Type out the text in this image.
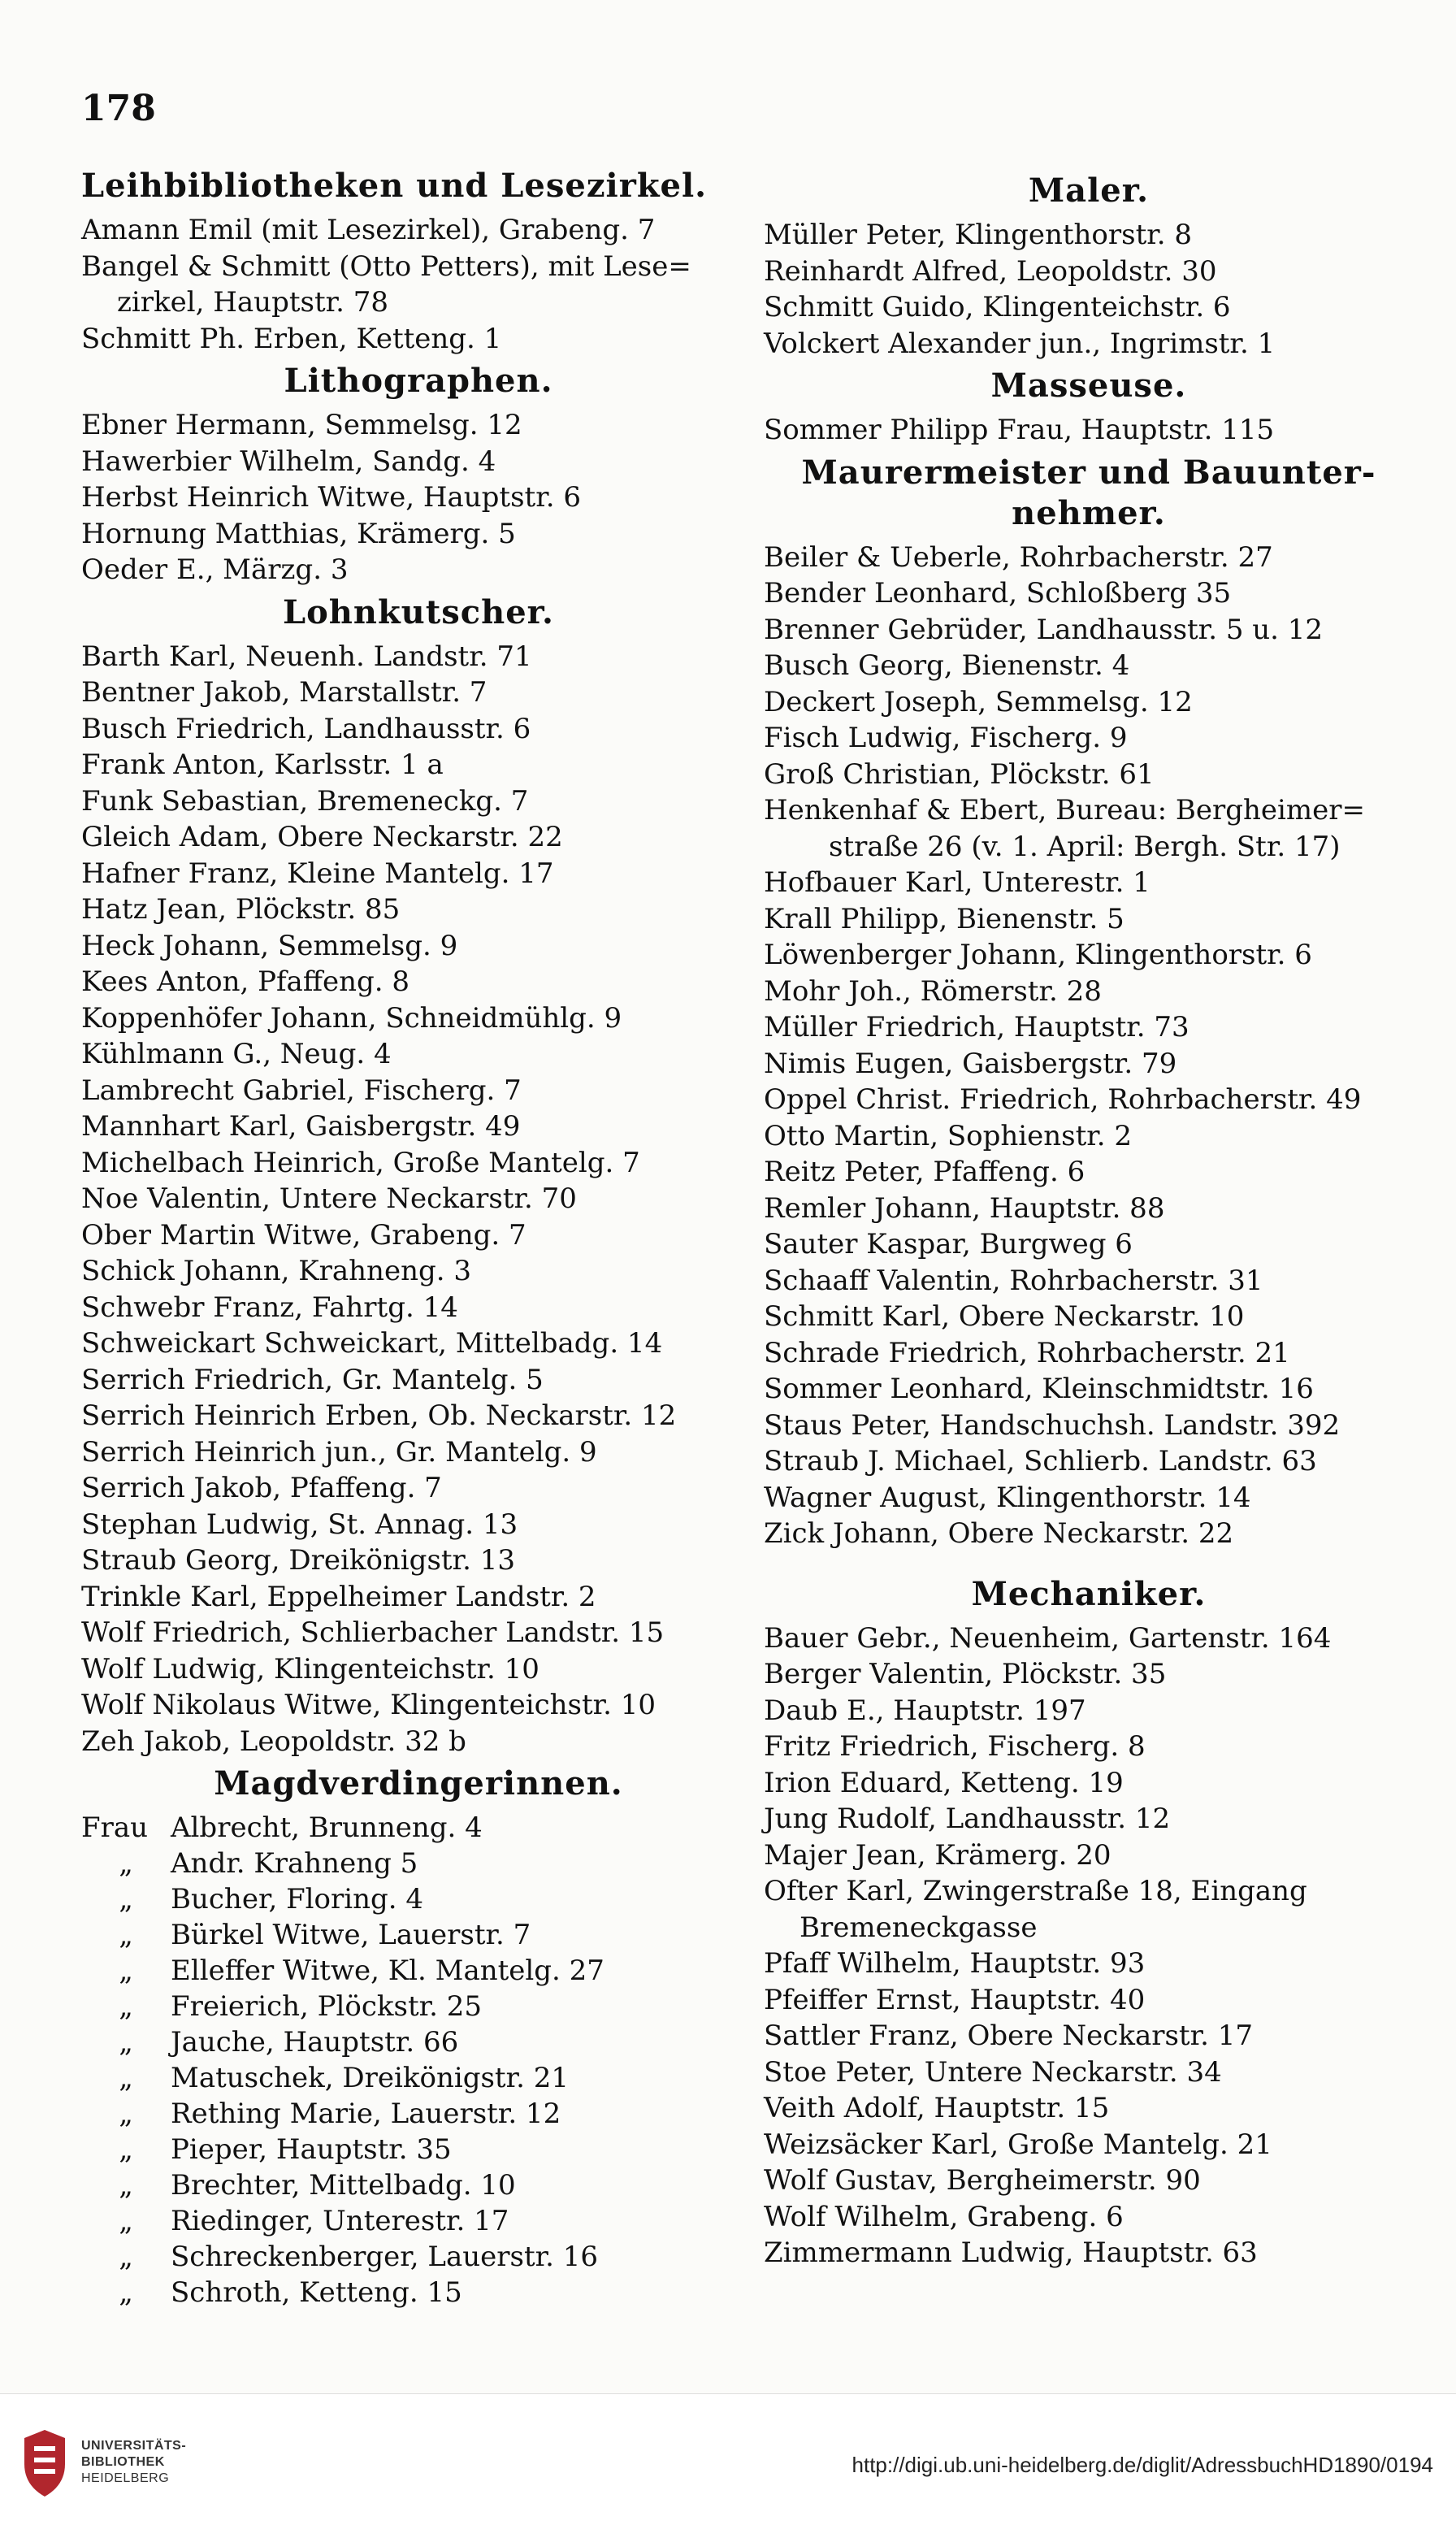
178
Leihbibliotheken und Lesezirkel.
Amann Emil (mit Lesezirkel), Grabeng. 7
Bangel & Schmitt (Otto Petters), mit Lese=
zirkel, Hauptstr. 78
Schmitt Ph. Erben, Ketteng. 1
Lithographen.
Ebner Hermann, Semmelsg. 12
Hawerbier Wilhelm, Sandg. 4
Herbst Heinrich Witwe, Hauptstr. 6
Hornung Matthias, Krämerg. 5
Oeder E., Märzg. 3
Lohnkutscher.
Barth Karl, Neuenh. Landstr. 71
Bentner Jakob, Marstallstr. 7
Busch Friedrich, Landhausstr. 6
Frank Anton, Karlsstr. 1 a
Funk Sebastian, Bremeneckg. 7
Gleich Adam, Obere Neckarstr. 22
Hafner Franz, Kleine Mantelg. 17
Hatz Jean, Plöckstr. 85
Heck Johann, Semmelsg. 9
Kees Anton, Pfaffeng. 8
Koppenhöfer Johann, Schneidmühlg. 9
Kühlmann G., Neug. 4
Lambrecht Gabriel, Fischerg. 7
Mannhart Karl, Gaisbergstr. 49
Michelbach Heinrich, Große Mantelg. 7
Noe Valentin, Untere Neckarstr. 70
Ober Martin Witwe, Grabeng. 7
Schick Johann, Krahneng. 3
Schwebr Franz, Fahrtg. 14
Schweickart Schweickart, Mittelbadg. 14
Serrich Friedrich, Gr. Mantelg. 5
Serrich Heinrich Erben, Ob. Neckarstr. 12
Serrich Heinrich jun., Gr. Mantelg. 9
Serrich Jakob, Pfaffeng. 7
Stephan Ludwig, St. Annag. 13
Straub Georg, Dreikönigstr. 13
Trinkle Karl, Eppelheimer Landstr. 2
Wolf Friedrich, Schlierbacher Landstr. 15
Wolf Ludwig, Klingenteichstr. 10
Wolf Nikolaus Witwe, Klingenteichstr. 10
Zeh Jakob, Leopoldstr. 32 b
Magdverdingerinnen.
Frau Albrecht, Brunneng. 4
„	Andr. Krahneng 5
„	Bucher, Floring. 4
„	Bürkel Witwe, Lauerstr. 7
„	Elleffer Witwe, Kl. Mantelg. 27
„	Freierich, Plöckstr. 25
„	Jauche, Hauptstr. 66
„	Matuschek, Dreikönigstr. 21
„	Rething Marie, Lauerstr. 12
„	Pieper, Hauptstr. 35
„	Brechter, Mittelbadg. 10
„	Riedinger, Unterestr. 17
„	Schreckenberger, Lauerstr. 16
„	Schroth, Ketteng. 15
Maler.
Müller Peter, Klingenthorstr. 8
Reinhardt Alfred, Leopoldstr. 30
Schmitt Guido, Klingenteichstr. 6
Volckert Alexander jun., Ingrimstr. 1
Masseuse.
Sommer Philipp Frau, Hauptstr. 115
Maurermeister und Bauunter-
nehmer.
Beiler & Ueberle, Rohrbacherstr. 27
Bender Leonhard, Schloßberg 35
Brenner Gebrüder, Landhausstr. 5 u. 12
Busch Georg, Bienenstr. 4
Deckert Joseph, Semmelsg. 12
Fisch Ludwig, Fischerg. 9
Groß Christian, Plöckstr. 61
Henkenhaf & Ebert, Bureau: Bergheimer=
straße 26 (v. 1. April: Bergh. Str. 17)
Hofbauer Karl, Unterestr. 1
Krall Philipp, Bienenstr. 5
Löwenberger Johann, Klingenthorstr. 6
Mohr Joh., Römerstr. 28
Müller Friedrich, Hauptstr. 73
Nimis Eugen, Gaisbergstr. 79
Oppel Christ. Friedrich, Rohrbacherstr. 49
Otto Martin, Sophienstr. 2
Reitz Peter, Pfaffeng. 6
Remler Johann, Hauptstr. 88
Sauter Kaspar, Burgweg 6
Schaaff Valentin, Rohrbacherstr. 31
Schmitt Karl, Obere Neckarstr. 10
Schrade Friedrich, Rohrbacherstr. 21
Sommer Leonhard, Kleinschmidtstr. 16
Staus Peter, Handschuchsh. Landstr. 392
Straub J. Michael, Schlierb. Landstr. 63
Wagner August, Klingenthorstr. 14
Zick Johann, Obere Neckarstr. 22
Mechaniker.
Bauer Gebr., Neuenheim, Gartenstr. 164
Berger Valentin, Plöckstr. 35
Daub E., Hauptstr. 197
Fritz Friedrich, Fischerg. 8
Irion Eduard, Ketteng. 19
Jung Rudolf, Landhausstr. 12
Majer Jean, Krämerg. 20
Ofter Karl, Zwingerstraße 18, Eingang
Bremeneckgasse
Pfaff Wilhelm, Hauptstr. 93
Pfeiffer Ernst, Hauptstr. 40
Sattler Franz, Obere Neckarstr. 17
Stoe Peter, Untere Neckarstr. 34
Veith Adolf, Hauptstr. 15
Weizsäcker Karl, Große Mantelg. 21
Wolf Gustav, Bergheimerstr. 90
Wolf Wilhelm, Grabeng. 6
Zimmermann Ludwig, Hauptstr. 63
UNIVERSITÄTS-
BIBLIOTHEK
HEIDELBERG
http://digi.ub.uni-heidelberg.de/diglit/AdressbuchHD1890/0194
